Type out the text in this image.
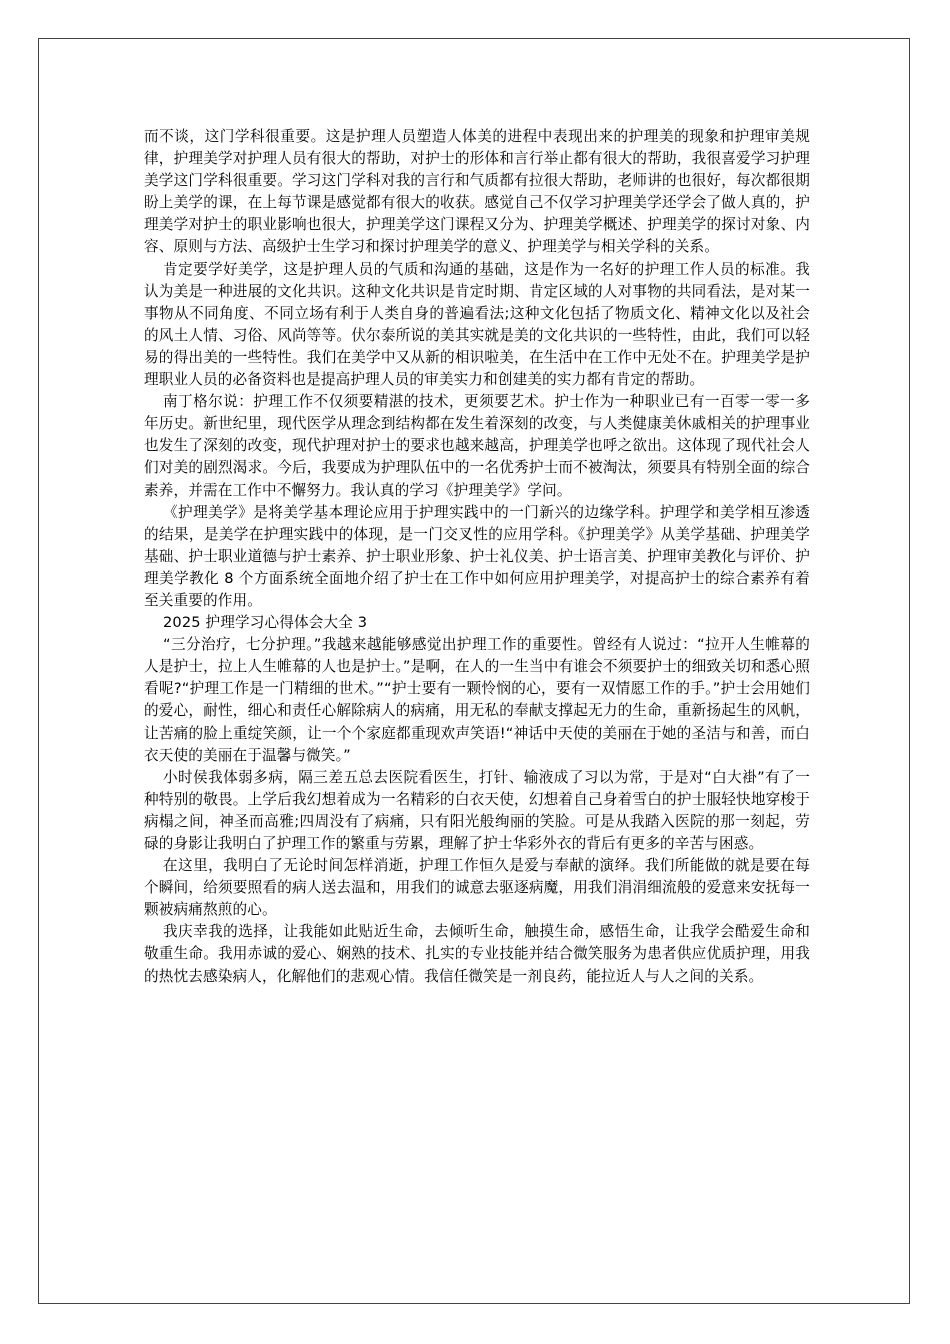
而不谈，这门学科很重要。这是护理人员塑造人体美的进程中表现出来的护理美的现象和护理审美规律，护理美学对护理人员有很大的帮助，对护士的形体和言行举止都有很大的帮助，我很喜爱学习护理美学这门学科很重要。学习这门学科对我的言行和气质都有拉很大帮助，老师讲的也很好，每次都很期盼上美学的课，在上每节课是感觉都有很大的收获。感觉自己不仅学习护理美学还学会了做人真的，护理美学对护士的职业影响也很大，护理美学这门课程又分为、护理美学概述、护理美学的探讨对象、内容、原则与方法、高级护士生学习和探讨护理美学的意义、护理美学与相关学科的关系。

肯定要学好美学，这是护理人员的气质和沟通的基础，这是作为一名好的护理工作人员的标准。我认为美是一种进展的文化共识。这种文化共识是肯定时期、肯定区域的人对事物的共同看法，是对某一事物从不同角度、不同立场有利于人类自身的普遍看法;这种文化包括了物质文化、精神文化以及社会的风土人情、习俗、风尚等等。伏尔泰所说的美其实就是美的文化共识的一些特性，由此，我们可以轻易的得出美的一些特性。我们在美学中又从新的相识啦美，在生活中在工作中无处不在。护理美学是护理职业人员的必备资料也是提高护理人员的审美实力和创建美的实力都有肯定的帮助。

南丁格尔说：护理工作不仅须要精湛的技术，更须要艺术。护士作为一种职业已有一百零一零一多年历史。新世纪里，现代医学从理念到结构都在发生着深刻的改变，与人类健康美休戚相关的护理事业也发生了深刻的改变，现代护理对护士的要求也越来越高，护理美学也呼之欲出。这体现了现代社会人们对美的剧烈渴求。今后，我要成为护理队伍中的一名优秀护士而不被淘汰，须要具有特别全面的综合素养，并需在工作中不懈努力。我认真的学习《护理美学》学问。

《护理美学》是将美学基本理论应用于护理实践中的一门新兴的边缘学科。护理学和美学相互渗透的结果，是美学在护理实践中的体现，是一门交叉性的应用学科。《护理美学》从美学基础、护理美学基础、护士职业道德与护士素养、护士职业形象、护士礼仪美、护士语言美、护理审美教化与评价、护理美学教化 8 个方面系统全面地介绍了护士在工作中如何应用护理美学，对提高护士的综合素养有着至关重要的作用。

2025 护理学习心得体会大全 3

“三分治疗，七分护理。”我越来越能够感觉出护理工作的重要性。曾经有人说过：“拉开人生帷幕的人是护士，拉上人生帷幕的人也是护士。”是啊，在人的一生当中有谁会不须要护士的细致关切和悉心照看呢?“护理工作是一门精细的世术。”“护士要有一颗怜悯的心，要有一双情愿工作的手。”护士会用她们的爱心，耐性，细心和责任心解除病人的病痛，用无私的奉献支撑起无力的生命，重新扬起生的风帆，让苦痛的脸上重绽笑颜，让一个个家庭都重现欢声笑语!“神话中天使的美丽在于她的圣洁与和善，而白衣天使的美丽在于温馨与微笑。”

小时侯我体弱多病，隔三差五总去医院看医生，打针、输液成了习以为常，于是对“白大褂”有了一种特别的敬畏。上学后我幻想着成为一名精彩的白衣天使，幻想着自己身着雪白的护士服轻快地穿梭于病榻之间，神圣而高雅;四周没有了病痛，只有阳光般绚丽的笑脸。可是从我踏入医院的那一刻起，劳碌的身影让我明白了护理工作的繁重与劳累，理解了护士华彩外衣的背后有更多的辛苦与困惑。

在这里，我明白了无论时间怎样消逝，护理工作恒久是爱与奉献的演绎。我们所能做的就是要在每个瞬间，给须要照看的病人送去温和，用我们的诚意去驱逐病魔，用我们涓涓细流般的爱意来安抚每一颗被病痛熬煎的心。

我庆幸我的选择，让我能如此贴近生命，去倾听生命，触摸生命，感悟生命，让我学会酷爱生命和敬重生命。我用赤诚的爱心、娴熟的技术、扎实的专业技能并结合微笑服务为患者供应优质护理，用我的热忱去感染病人，化解他们的悲观心情。我信任微笑是一剂良药，能拉近人与人之间的关系。
